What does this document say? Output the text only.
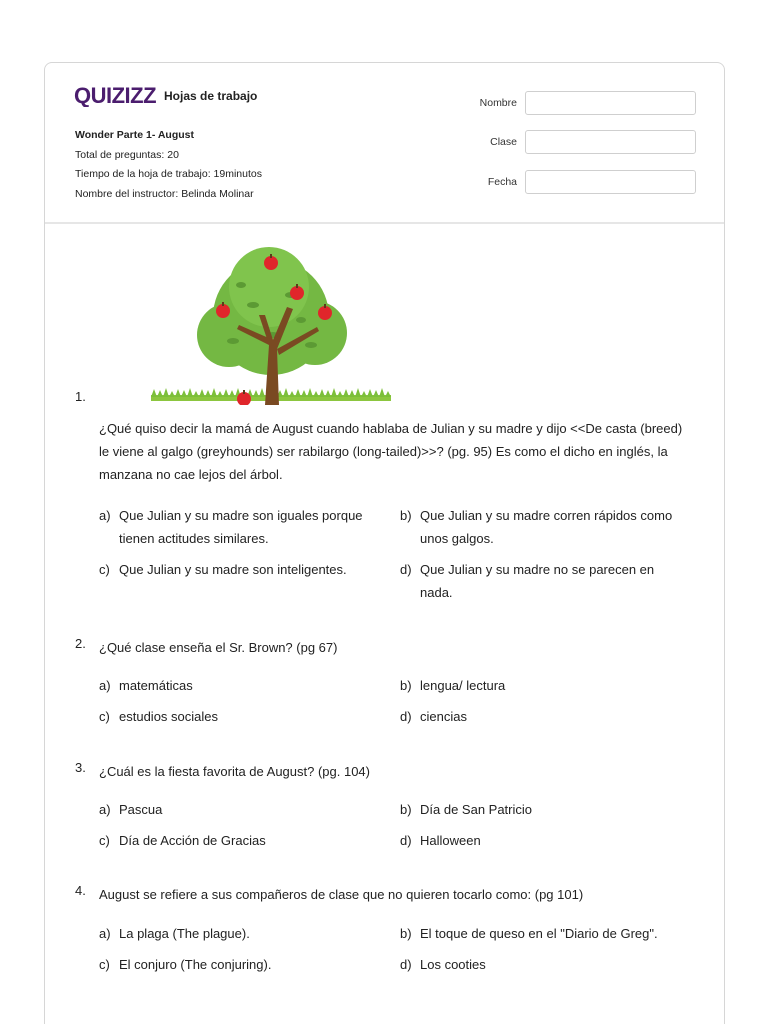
QUIZIZZ Hojas de trabajo
Wonder Parte 1- August
Total de preguntas: 20
Tiempo de la hoja de trabajo: 19minutos
Nombre del instructor: Belinda Molinar
Nombre
Clase
Fecha
1.
¿Qué quiso decir la mamá de August cuando hablaba de Julian y su madre y dijo <<De casta (breed) le viene al galgo (greyhounds) ser rabilargo (long-tailed)>>? (pg. 95) Es como el dicho en inglés, la manzana no cae lejos del árbol.
a) Que Julian y su madre son iguales porque tienen actitudes similares.
b) Que Julian y su madre corren rápidos como unos galgos.
c) Que Julian y su madre son inteligentes.	d) Que Julian y su madre no se parecen en nada.
2.	¿Qué clase enseña el Sr. Brown? (pg 67)
a) matemáticas	b) lengua/ lectura
c) estudios sociales	d) ciencias
3.	¿Cuál es la fiesta favorita de August? (pg. 104)
a) Pascua	b) Día de San Patricio
c) Día de Acción de Gracias	d) Halloween
4.	August se refiere a sus compañeros de clase que no quieren tocarlo como: (pg 101)
a) La plaga (The plague).	b) El toque de queso en el "Diario de Greg".
c) El conjuro (The conjuring).	d) Los cooties
